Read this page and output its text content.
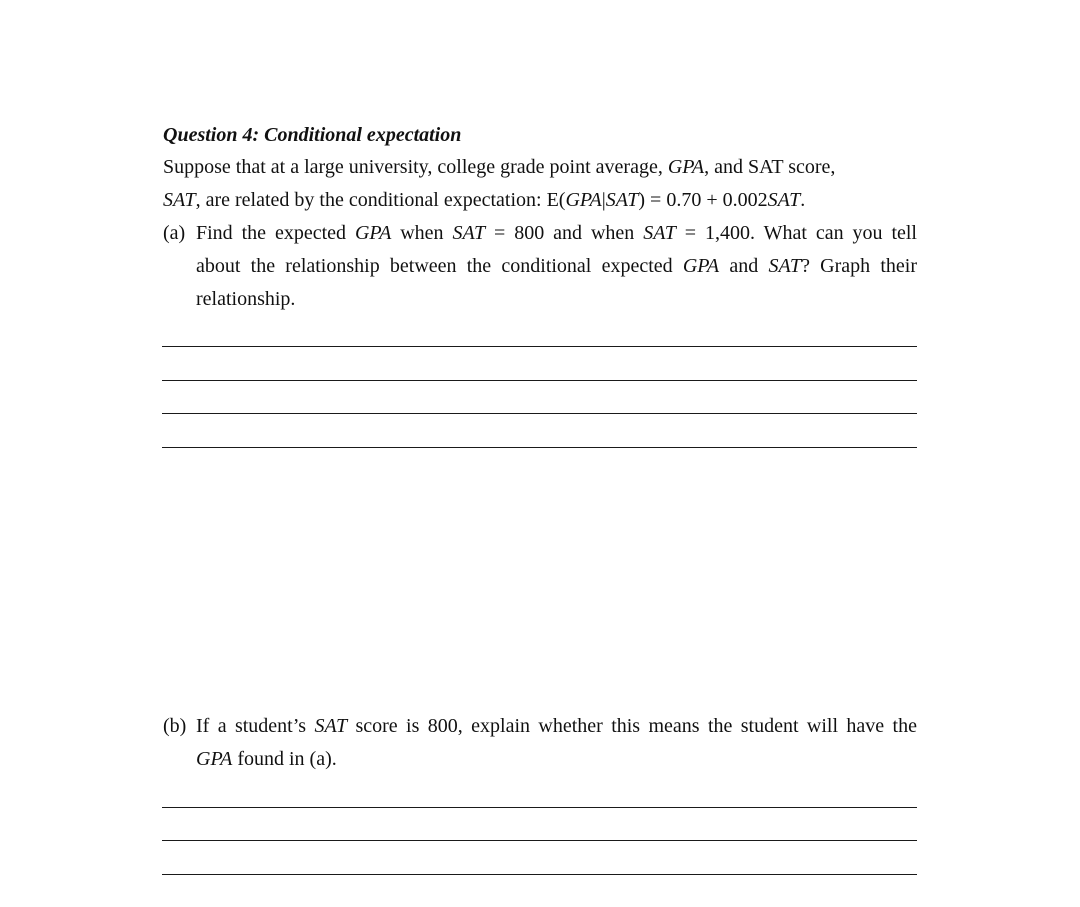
Question 4: Conditional expectation
Suppose that at a large university, college grade point average, GPA, and SAT score,
SAT, are related by the conditional expectation: E(GPA|SAT) = 0.70 + 0.002SAT.
(a) Find the expected GPA when SAT = 800 and when SAT = 1,400. What can you tell
about the relationship between the conditional expected GPA and SAT? Graph their
relationship.
(b) If a student’s SAT score is 800, explain whether this means the student will have the
GPA found in (a).
